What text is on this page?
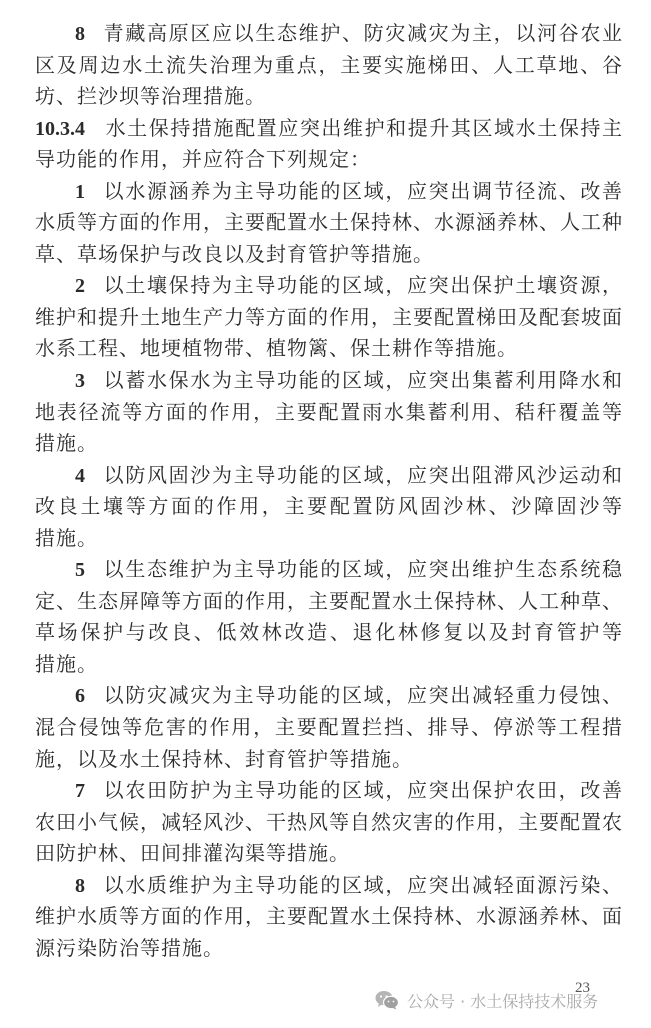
8 青藏高原区应以生态维护、防灾减灾为主，以河谷农业
区及周边水土流失治理为重点，主要实施梯田、人工草地、谷
坊、拦沙坝等治理措施。
10.3.4 水土保持措施配置应突出维护和提升其区域水土保持主
导功能的作用，并应符合下列规定：
1 以水源涵养为主导功能的区域，应突出调节径流、改善
水质等方面的作用，主要配置水土保持林、水源涵养林、人工种
草、草场保护与改良以及封育管护等措施。
2 以土壤保持为主导功能的区域，应突出保护土壤资源，
维护和提升土地生产力等方面的作用，主要配置梯田及配套坡面
水系工程、地埂植物带、植物篱、保土耕作等措施。
3 以蓄水保水为主导功能的区域，应突出集蓄利用降水和
地表径流等方面的作用，主要配置雨水集蓄利用、秸秆覆盖等
措施。
4 以防风固沙为主导功能的区域，应突出阻滞风沙运动和
改良土壤等方面的作用，主要配置防风固沙林、沙障固沙等
措施。
5 以生态维护为主导功能的区域，应突出维护生态系统稳
定、生态屏障等方面的作用，主要配置水土保持林、人工种草、
草场保护与改良、低效林改造、退化林修复以及封育管护等
措施。
6 以防灾减灾为主导功能的区域，应突出减轻重力侵蚀、
混合侵蚀等危害的作用，主要配置拦挡、排导、停淤等工程措
施，以及水土保持林、封育管护等措施。
7 以农田防护为主导功能的区域，应突出保护农田，改善
农田小气候，减轻风沙、干热风等自然灾害的作用，主要配置农
田防护林、田间排灌沟渠等措施。
8 以水质维护为主导功能的区域，应突出减轻面源污染、
维护水质等方面的作用，主要配置水土保持林、水源涵养林、面
源污染防治等措施。
23
公众号 · 水土保持技术服务
